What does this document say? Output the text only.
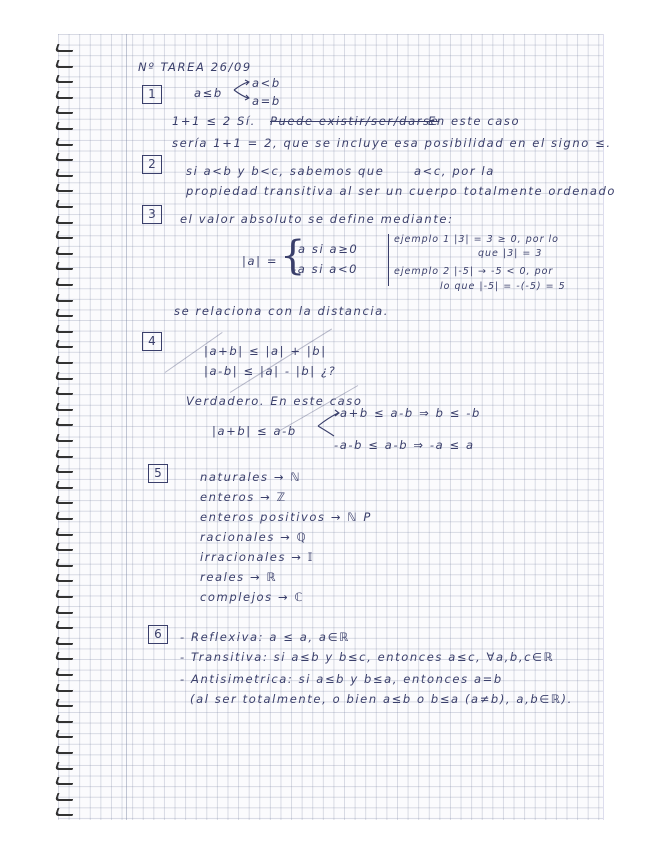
Nº TAREA 26/09
1	a≤b
a<b
a=b
1+1 ≤ 2 Sí. Puede existir/ser/darse
En este caso
sería 1+1 = 2, que se incluye esa posibilidad en el signo ≤.
2	si a<b y b<c, sabemos que	a<c, por la
propiedad transitiva al ser un cuerpo totalmente ordenado
3	el valor absoluto se define mediante:
|a| = {
a si a≥0
-a si a<0
ejemplo 1 |3| = 3 ≥ 0, por lo
que |3| = 3
ejemplo 2 |-5| → -5 < 0, por
lo que |-5| = -(-5) = 5
se relaciona con la distancia.
4
|a+b| ≤ |a| + |b|
|a-b| ≤ |a| - |b| ¿?
Verdadero. En este caso
|a+b| ≤ a-b
a+b ≤ a-b ⇒ b ≤ -b
-a-b ≤ a-b ⇒ -a ≤ a
5	naturales → ℕ
enteros → ℤ
enteros positivos → ℕ P
racionales → ℚ
irracionales → 𝕀
reales → ℝ
complejos → ℂ
6	- Reflexiva: a ≤ a, a∈ℝ
- Transitiva: si a≤b y b≤c, entonces a≤c, ∀a,b,c∈ℝ
- Antisimetrica: si a≤b y b≤a, entonces a=b
(al ser totalmente, o bien a≤b o b≤a (a≠b), a,b∈ℝ).
